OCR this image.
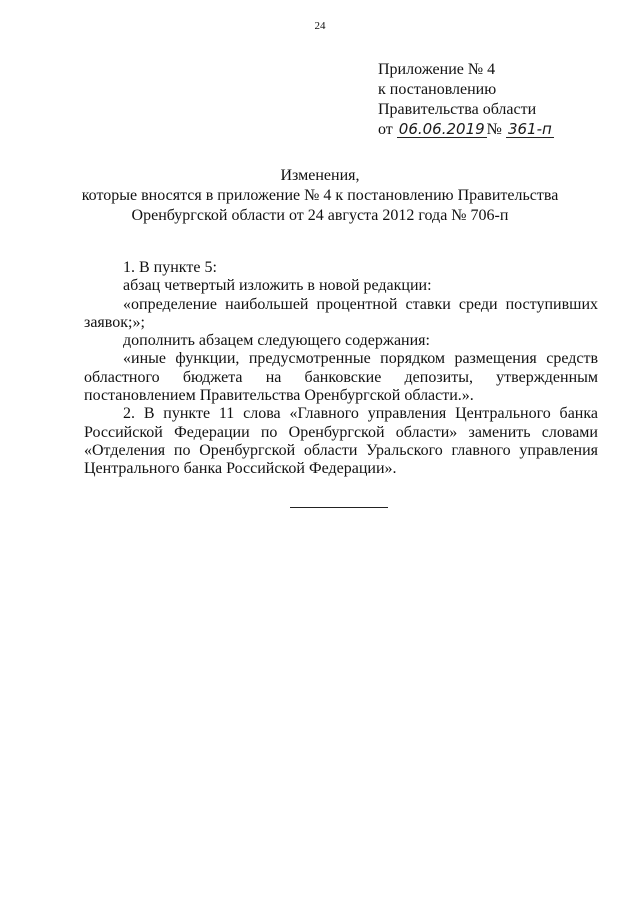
24
Приложение № 4
к постановлению
Правительства области
от 06.06.2019 № 361-п
Изменения,
которые вносятся в приложение № 4 к постановлению Правительства
Оренбургской области от 24 августа 2012 года № 706-п

1. В пункте 5:

абзац четвертый изложить в новой редакции:

«определение наибольшей процентной ставки среди поступивших заявок;»;

дополнить абзацем следующего содержания:

«иные функции, предусмотренные порядком размещения средств областного бюджета на банковские депозиты, утвержденным постановлением Правительства Оренбургской области.».

2. В пункте 11 слова «Главного управления Центрального банка Российской Федерации по Оренбургской области» заменить словами «Отделения по Оренбургской области Уральского главного управления Центрального банка Российской Федерации».
